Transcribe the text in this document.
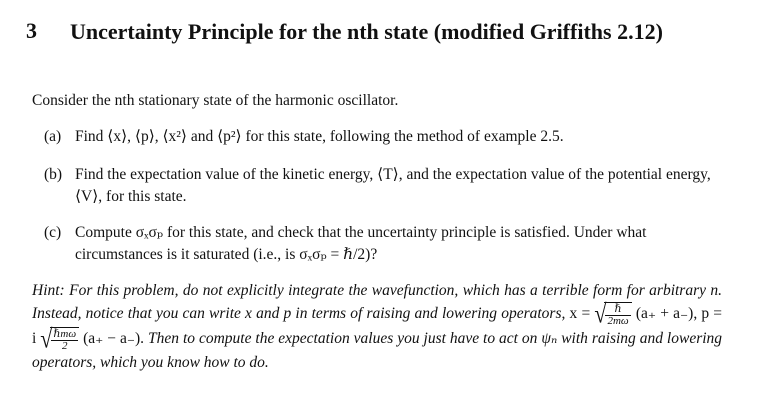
3 Uncertainty Principle for the nth state (modified Griffiths 2.12)
Consider the nth stationary state of the harmonic oscillator.
(a) Find ⟨x⟩, ⟨p⟩, ⟨x²⟩ and ⟨p²⟩ for this state, following the method of example 2.5.
(b) Find the expectation value of the kinetic energy, ⟨T⟩, and the expectation value of the potential energy, ⟨V⟩, for this state.
(c) Compute σₓσₚ for this state, and check that the uncertainty principle is satisfied. Under what circumstances is it saturated (i.e., is σₓσₚ = ℏ/2)?
Hint: For this problem, do not explicitly integrate the wavefunction, which has a terrible form for arbitrary n. Instead, notice that you can write x and p in terms of raising and lowering operators, x = √ $\frac{\text{ℏ}}{2m\omega} (a_+ + a_-)$, p = i √ $\frac{\text{ℏmω}}{2} (a_+ - a_-)$. Then to compute the expectation values you just have to act on ψₙ with raising and lowering operators, which you know how to do.
